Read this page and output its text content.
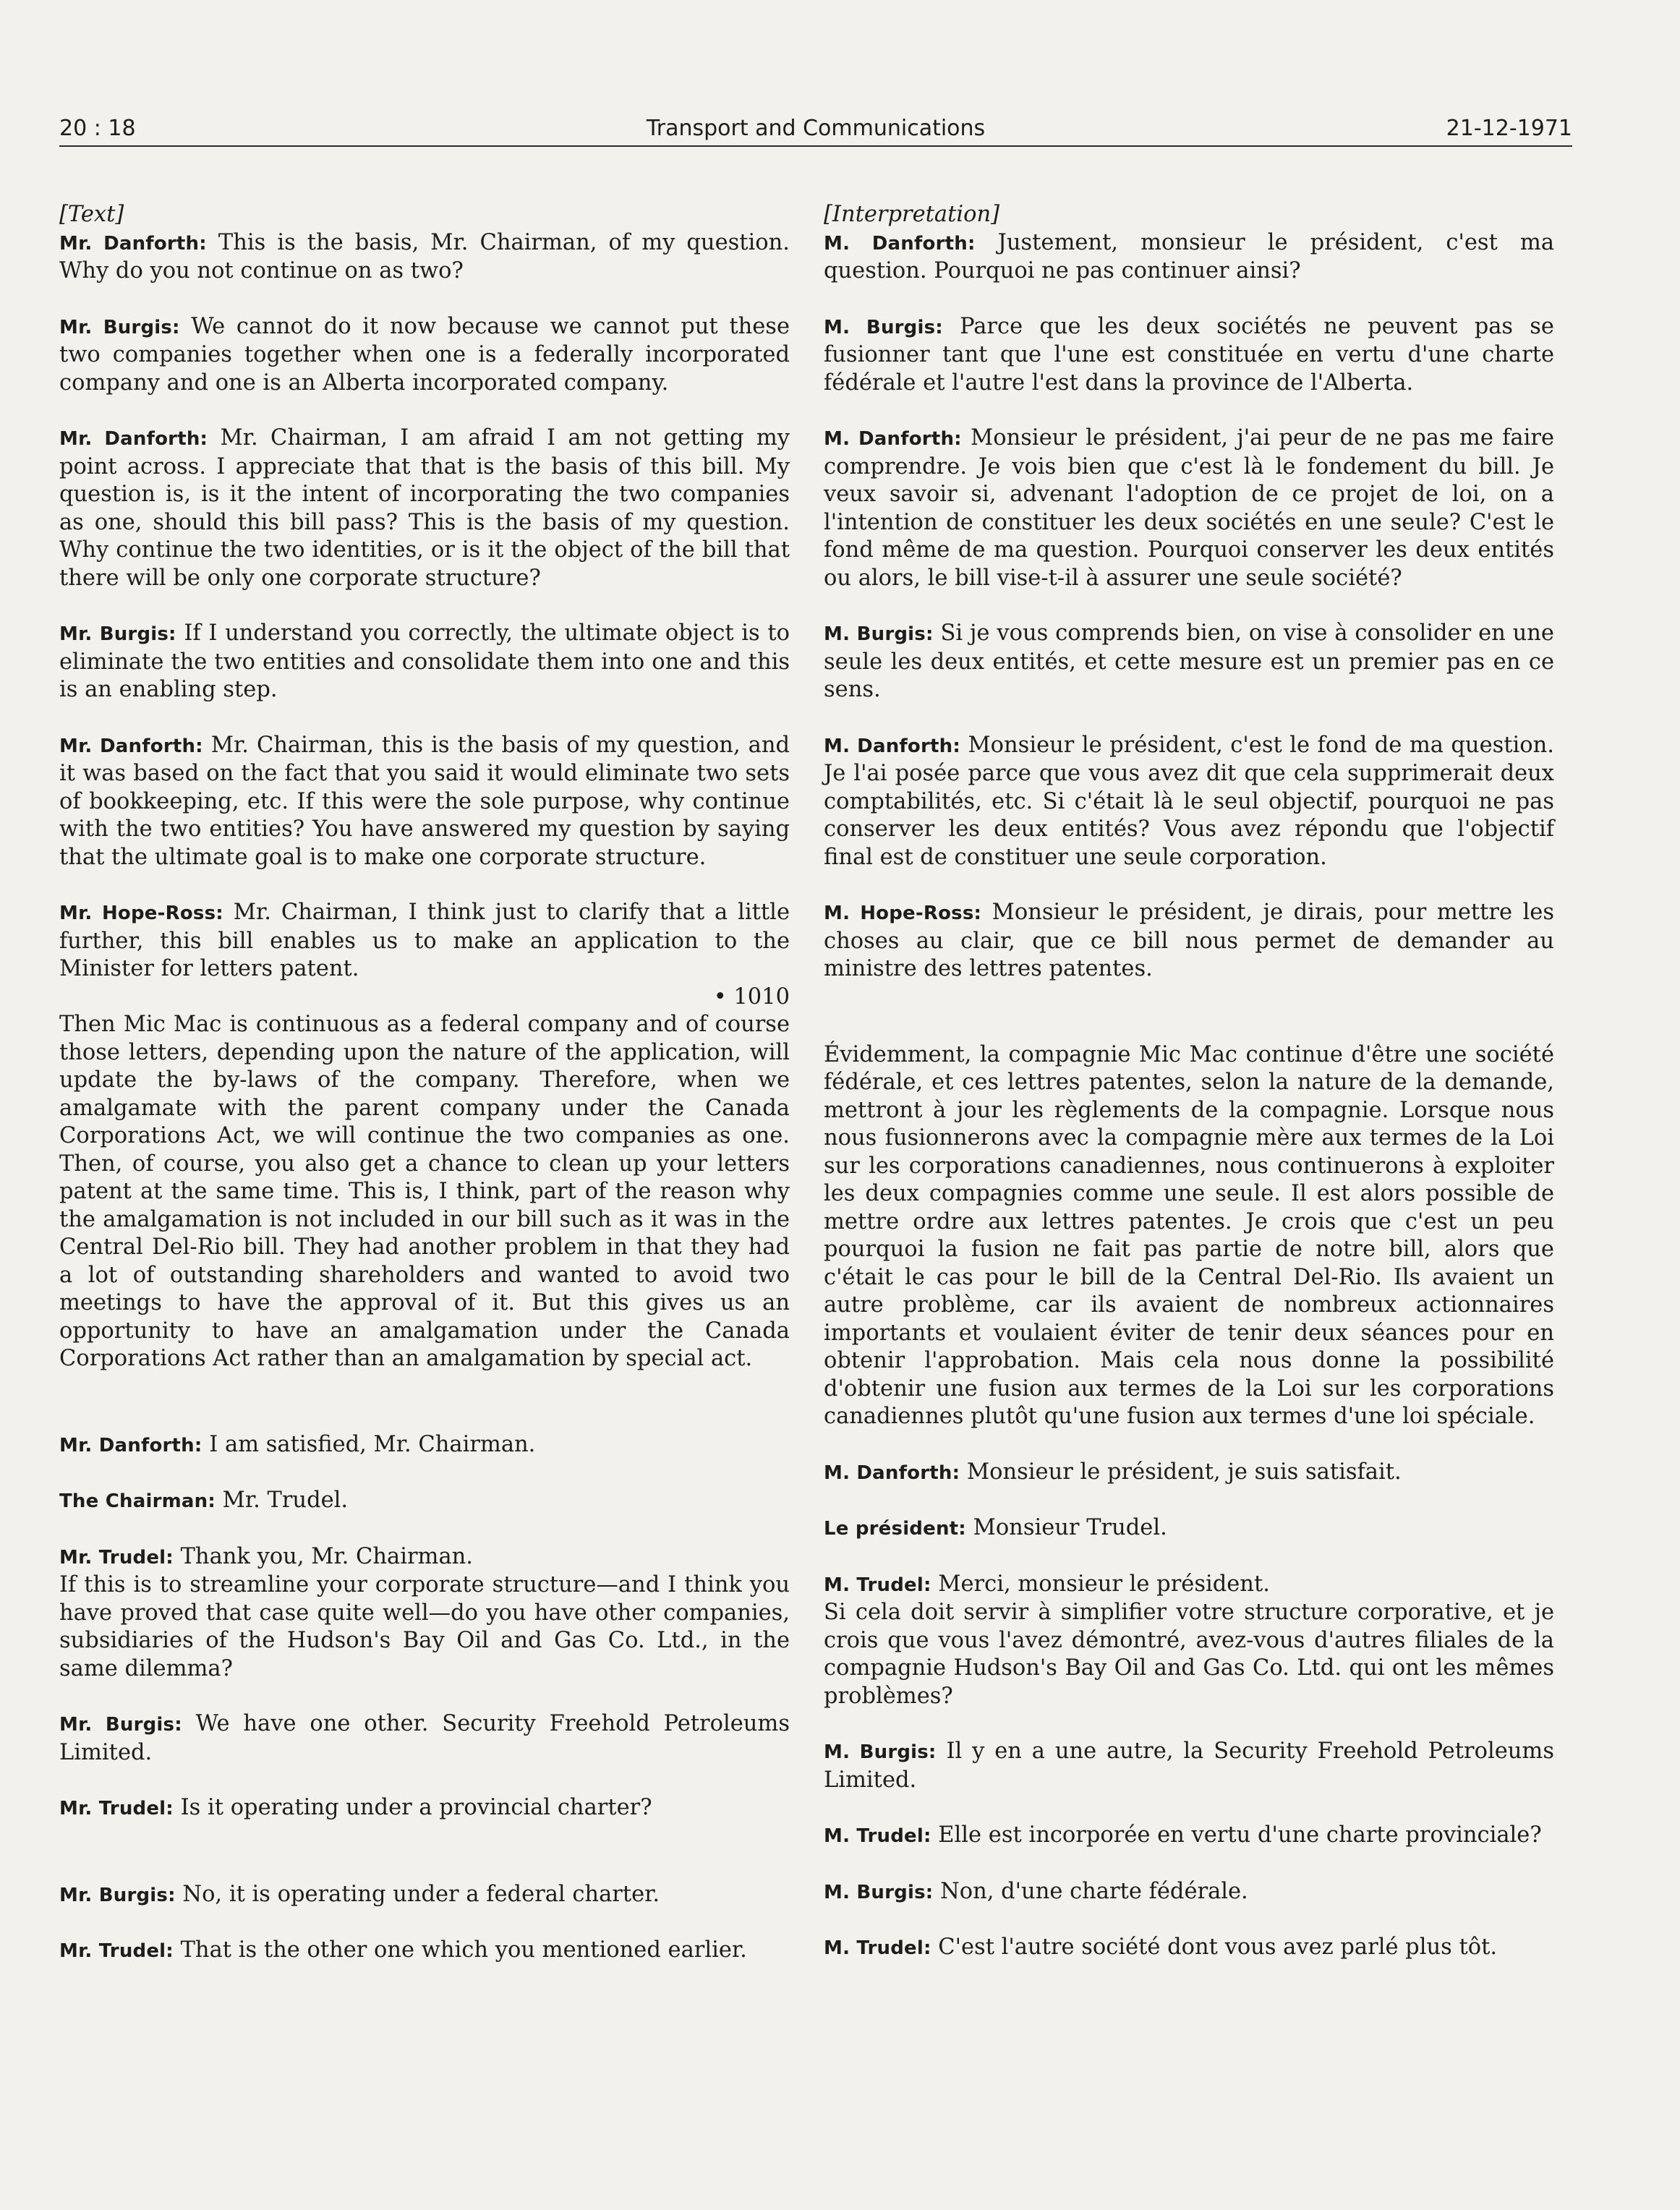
20 : 18	Transport and Communications	21-12-1971

[Text]

Mr. Danforth: This is the basis, Mr. Chairman, of my question. Why do you not continue on as two?

Mr. Burgis: We cannot do it now because we cannot put these two companies together when one is a federally incorporated company and one is an Alberta incorporated company.

Mr. Danforth: Mr. Chairman, I am afraid I am not getting my point across. I appreciate that that is the basis of this bill. My question is, is it the intent of incorporating the two companies as one, should this bill pass? This is the basis of my question. Why continue the two identities, or is it the object of the bill that there will be only one corporate structure?

Mr. Burgis: If I understand you correctly, the ultimate object is to eliminate the two entities and consolidate them into one and this is an enabling step.

Mr. Danforth: Mr. Chairman, this is the basis of my question, and it was based on the fact that you said it would eliminate two sets of bookkeeping, etc. If this were the sole purpose, why continue with the two entities? You have answered my question by saying that the ultimate goal is to make one corporate structure.

Mr. Hope-Ross: Mr. Chairman, I think just to clarify that a little further, this bill enables us to make an application to the Minister for letters patent.

• 1010

Then Mic Mac is continuous as a federal company and of course those letters, depending upon the nature of the application, will update the by-laws of the company. Therefore, when we amalgamate with the parent company under the Canada Corporations Act, we will continue the two companies as one. Then, of course, you also get a chance to clean up your letters patent at the same time. This is, I think, part of the reason why the amalgamation is not included in our bill such as it was in the Central Del-Rio bill. They had another problem in that they had a lot of outstanding shareholders and wanted to avoid two meetings to have the approval of it. But this gives us an opportunity to have an amalgamation under the Canada Corporations Act rather than an amalgamation by special act.

Mr. Danforth: I am satisfied, Mr. Chairman.

The Chairman: Mr. Trudel.

Mr. Trudel: Thank you, Mr. Chairman.

If this is to streamline your corporate structure—and I think you have proved that case quite well—do you have other companies, subsidiaries of the Hudson's Bay Oil and Gas Co. Ltd., in the same dilemma?

Mr. Burgis: We have one other. Security Freehold Petroleums Limited.

Mr. Trudel: Is it operating under a provincial charter?

Mr. Burgis: No, it is operating under a federal charter.

Mr. Trudel: That is the other one which you mentioned earlier.

[Interpretation]

M. Danforth: Justement, monsieur le président, c'est ma question. Pourquoi ne pas continuer ainsi?

M. Burgis: Parce que les deux sociétés ne peuvent pas se fusionner tant que l'une est constituée en vertu d'une charte fédérale et l'autre l'est dans la province de l'Alberta.

M. Danforth: Monsieur le président, j'ai peur de ne pas me faire comprendre. Je vois bien que c'est là le fondement du bill. Je veux savoir si, advenant l'adoption de ce projet de loi, on a l'intention de constituer les deux sociétés en une seule? C'est le fond même de ma question. Pourquoi conserver les deux entités ou alors, le bill vise-t-il à assurer une seule société?

M. Burgis: Si je vous comprends bien, on vise à consolider en une seule les deux entités, et cette mesure est un premier pas en ce sens.

M. Danforth: Monsieur le président, c'est le fond de ma question. Je l'ai posée parce que vous avez dit que cela supprimerait deux comptabilités, etc. Si c'était là le seul objectif, pourquoi ne pas conserver les deux entités? Vous avez répondu que l'objectif final est de constituer une seule corporation.

M. Hope-Ross: Monsieur le président, je dirais, pour mettre les choses au clair, que ce bill nous permet de demander au ministre des lettres patentes.

Évidemment, la compagnie Mic Mac continue d'être une société fédérale, et ces lettres patentes, selon la nature de la demande, mettront à jour les règlements de la compagnie. Lorsque nous nous fusionnerons avec la compagnie mère aux termes de la Loi sur les corporations canadiennes, nous continuerons à exploiter les deux compagnies comme une seule. Il est alors possible de mettre ordre aux lettres patentes. Je crois que c'est un peu pourquoi la fusion ne fait pas partie de notre bill, alors que c'était le cas pour le bill de la Central Del-Rio. Ils avaient un autre problème, car ils avaient de nombreux actionnaires importants et voulaient éviter de tenir deux séances pour en obtenir l'approbation. Mais cela nous donne la possibilité d'obtenir une fusion aux termes de la Loi sur les corporations canadiennes plutôt qu'une fusion aux termes d'une loi spéciale.

M. Danforth: Monsieur le président, je suis satisfait.

Le président: Monsieur Trudel.

M. Trudel: Merci, monsieur le président.

Si cela doit servir à simplifier votre structure corporative, et je crois que vous l'avez démontré, avez-vous d'autres filiales de la compagnie Hudson's Bay Oil and Gas Co. Ltd. qui ont les mêmes problèmes?

M. Burgis: Il y en a une autre, la Security Freehold Petroleums Limited.

M. Trudel: Elle est incorporée en vertu d'une charte provinciale?

M. Burgis: Non, d'une charte fédérale.

M. Trudel: C'est l'autre société dont vous avez parlé plus tôt.
